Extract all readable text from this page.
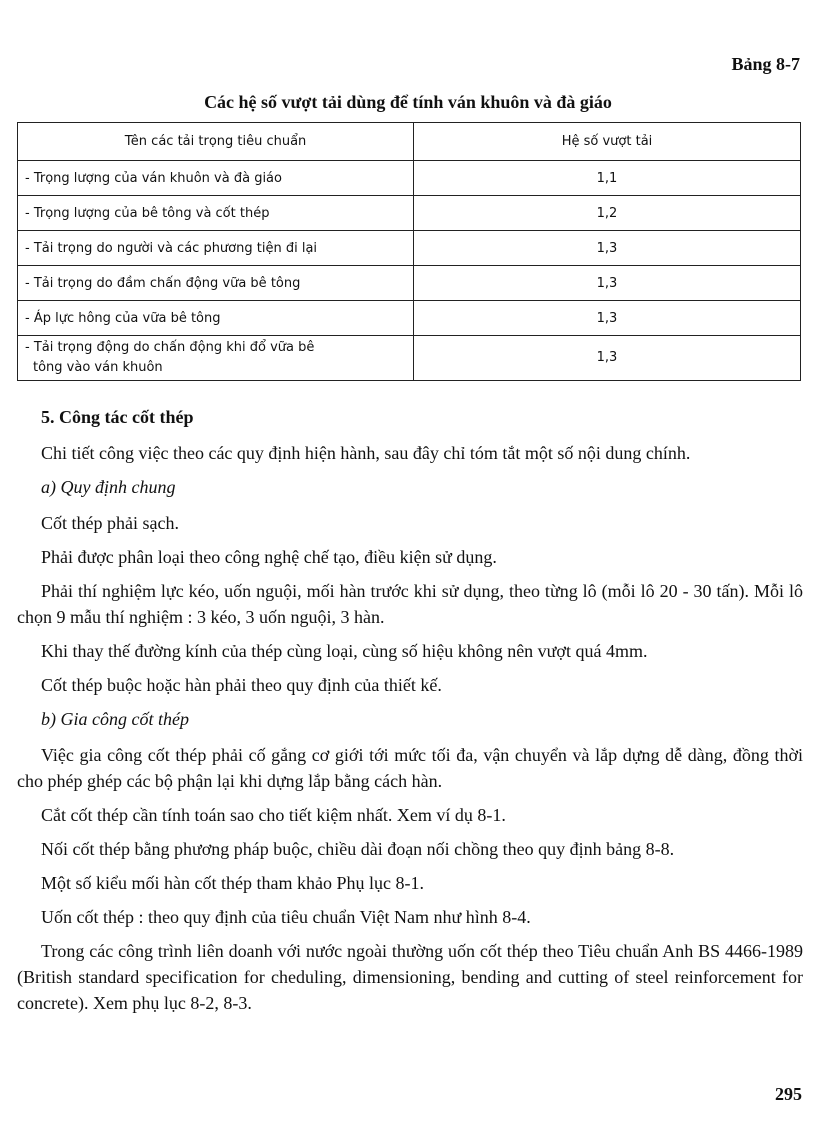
Bảng 8-7
Các hệ số vượt tải dùng để tính ván khuôn và đà giáo
Tên các tải trọng tiêu chuẩn	Hệ số vượt tải
- Trọng lượng của ván khuôn và đà giáo	1,1
- Trọng lượng của bê tông và cốt thép	1,2
- Tải trọng do người và các phương tiện đi lại	1,3
- Tải trọng do đầm chấn động vữa bê tông	1,3
- Áp lực hông của vữa bê tông	1,3
- Tải trọng động do chấn động khi đổ vữa bê
tông vào ván khuôn	1,3
5. Công tác cốt thép

Chi tiết công việc theo các quy định hiện hành, sau đây chỉ tóm tắt một số nội dung chính.

a) Quy định chung

Cốt thép phải sạch.

Phải được phân loại theo công nghệ chế tạo, điều kiện sử dụng.

Phải thí nghiệm lực kéo, uốn nguội, mối hàn trước khi sử dụng, theo từng lô (mỗi lô 20 - 30 tấn). Mỗi lô chọn 9 mẫu thí nghiệm : 3 kéo, 3 uốn nguội, 3 hàn.

Khi thay thế đường kính của thép cùng loại, cùng số hiệu không nên vượt quá 4mm.

Cốt thép buộc hoặc hàn phải theo quy định của thiết kế.

b) Gia công cốt thép

Việc gia công cốt thép phải cố gắng cơ giới tới mức tối đa, vận chuyển và lắp dựng dễ dàng, đồng thời cho phép ghép các bộ phận lại khi dựng lắp bằng cách hàn.

Cắt cốt thép cần tính toán sao cho tiết kiệm nhất. Xem ví dụ 8-1.

Nối cốt thép bằng phương pháp buộc, chiều dài đoạn nối chồng theo quy định bảng 8-8.

Một số kiểu mối hàn cốt thép tham khảo Phụ lục 8-1.

Uốn cốt thép : theo quy định của tiêu chuẩn Việt Nam như hình 8-4.

Trong các công trình liên doanh với nước ngoài thường uốn cốt thép theo Tiêu chuẩn Anh BS 4466-1989 (British standard specification for cheduling, dimensioning, bending and cutting of steel reinforcement for concrete). Xem phụ lục 8-2, 8-3.

295
